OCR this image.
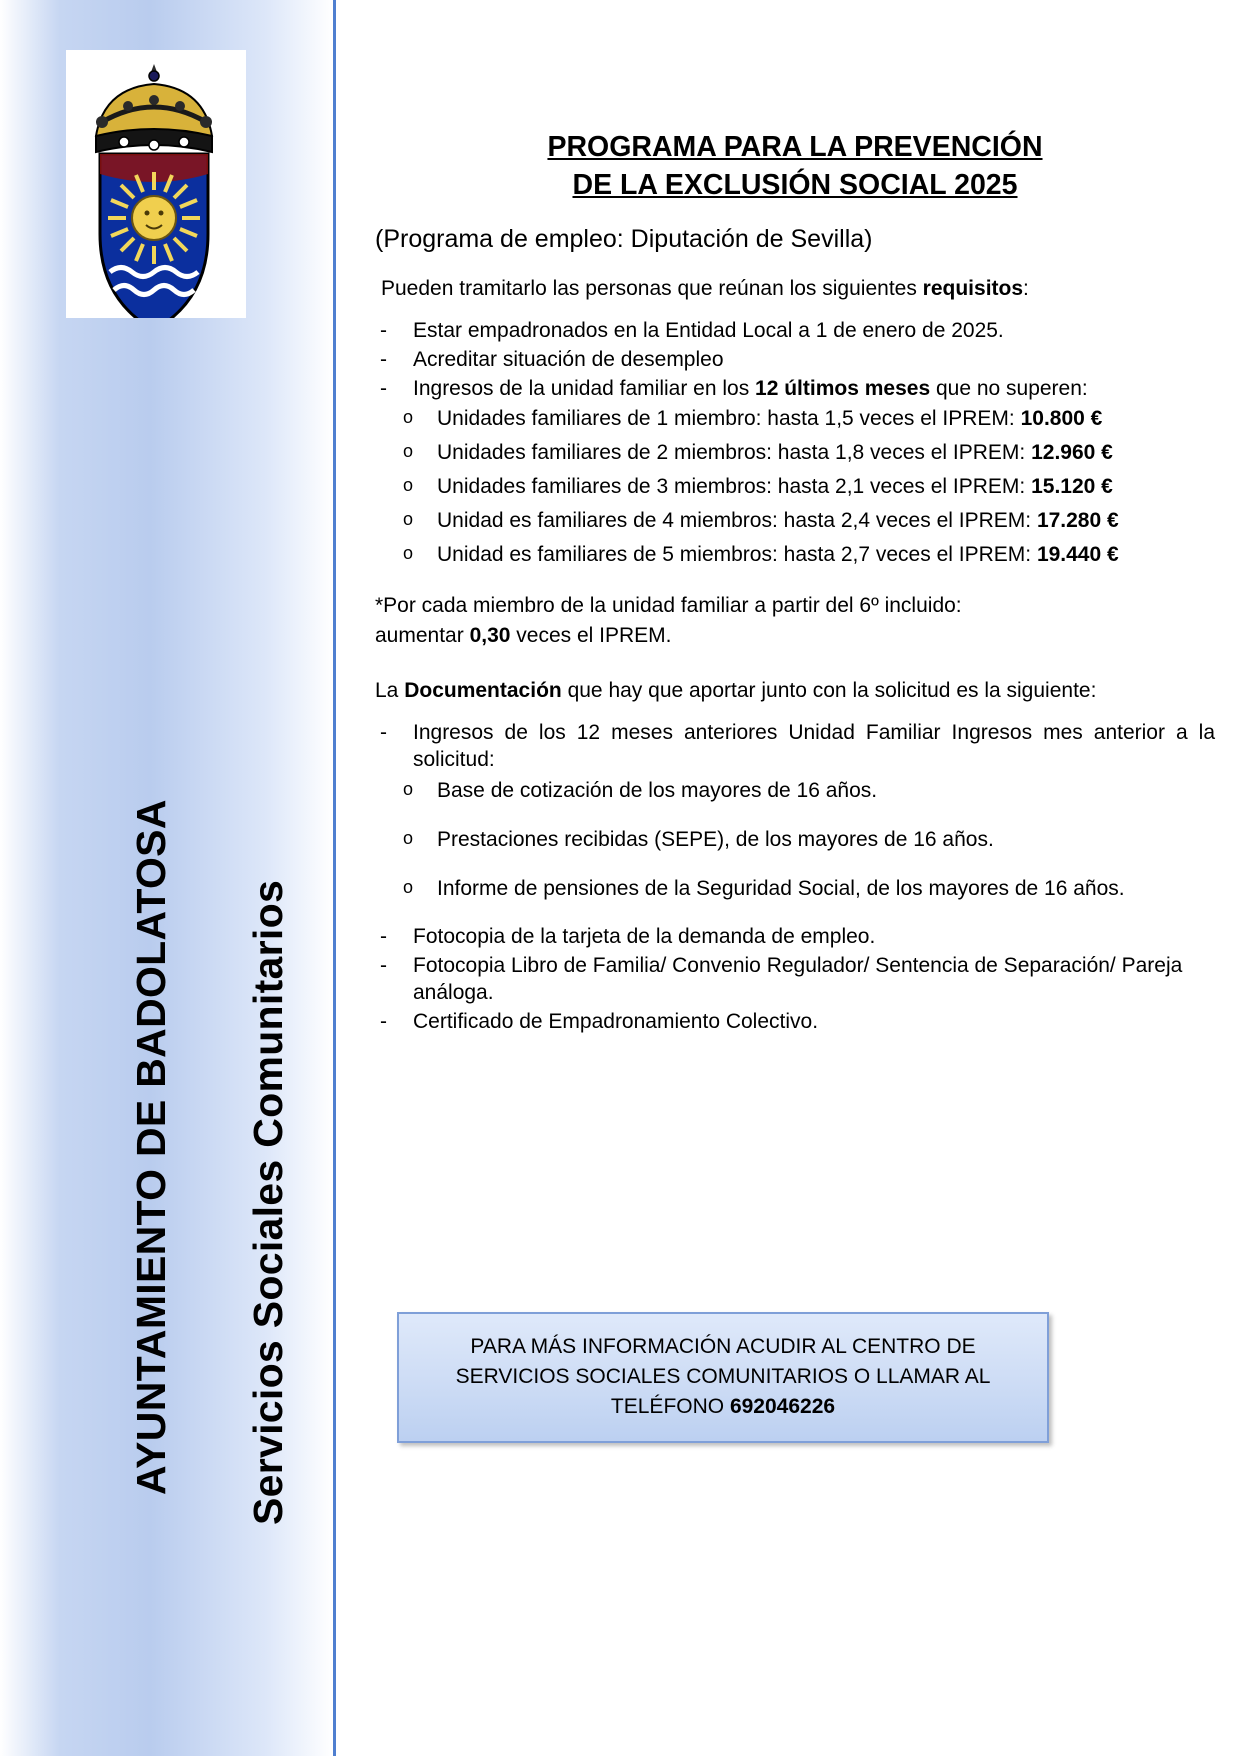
AYUNTAMIENTO DE BADOLATOSA Servicios Sociales Comunitarios
PROGRAMA PARA LA PREVENCIÓN
DE LA EXCLUSIÓN SOCIAL 2025

(Programa de empleo: Diputación de Sevilla)

Pueden tramitarlo las personas que reúnan los siguientes requisitos:

- Estar empadronados en la Entidad Local a 1 de enero de 2025.
- Acreditar situación de desempleo
- Ingresos de la unidad familiar en los 12 últimos meses que no superen:
o Unidades familiares de 1 miembro: hasta 1,5 veces el IPREM: 10.800 €
o Unidades familiares de 2 miembros: hasta 1,8 veces el IPREM: 12.960 €
o Unidades familiares de 3 miembros: hasta 2,1 veces el IPREM: 15.120 €
o Unidad es familiares de 4 miembros: hasta 2,4 veces el IPREM: 17.280 €
o Unidad es familiares de 5 miembros: hasta 2,7 veces el IPREM: 19.440 €

*Por cada miembro de la unidad familiar a partir del 6º incluido:
aumentar 0,30 veces el IPREM.

La Documentación que hay que aportar junto con la solicitud es la siguiente:

- Ingresos de los 12 meses anteriores Unidad Familiar Ingresos mes anterior a la solicitud:
o Base de cotización de los mayores de 16 años.
o Prestaciones recibidas (SEPE), de los mayores de 16 años.
o Informe de pensiones de la Seguridad Social, de los mayores de 16 años.
- Fotocopia de la tarjeta de la demanda de empleo.
- Fotocopia Libro de Familia/ Convenio Regulador/ Sentencia de Separación/ Pareja análoga.
- Certificado de Empadronamiento Colectivo.
PARA MÁS INFORMACIÓN ACUDIR AL CENTRO DE
SERVICIOS SOCIALES COMUNITARIOS O LLAMAR AL
TELÉFONO 692046226
